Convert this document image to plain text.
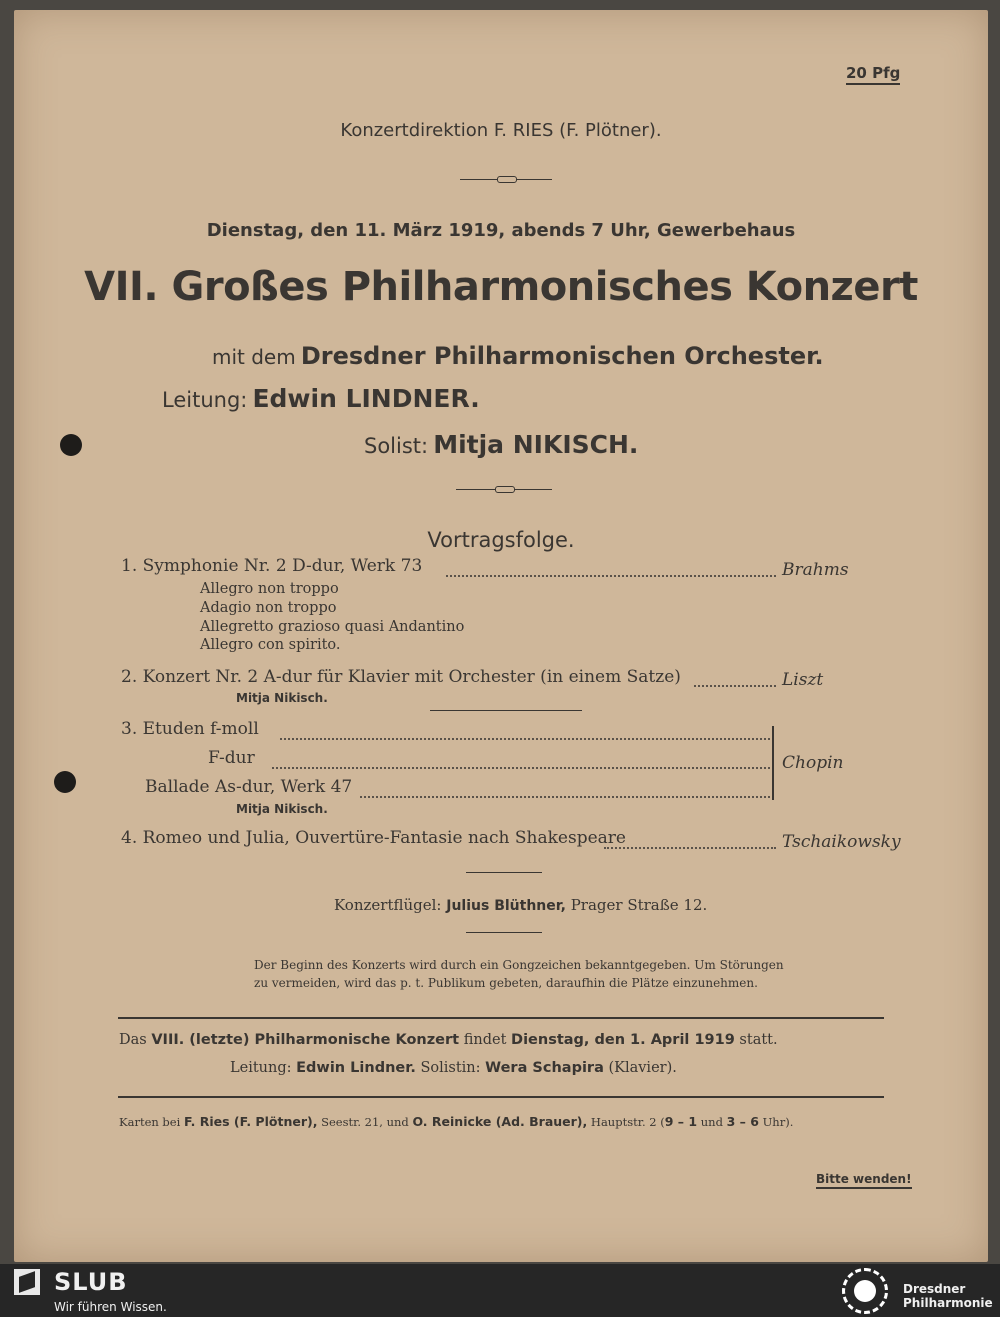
20 Pfg
Konzertdirektion F. RIES (F. Plötner).
Dienstag, den 11. März 1919, abends 7 Uhr, Gewerbehaus
VII. Großes Philharmonisches Konzert
mit dem Dresdner Philharmonischen Orchester.
Leitung: Edwin LINDNER.
Solist: Mitja NIKISCH.
Vortragsfolge.
1. Symphonie Nr. 2 D-dur, Werk 73	Brahms
Allegro non troppo
Adagio non troppo
Allegretto grazioso quasi Andantino
Allegro con spirito.
2. Konzert Nr. 2 A-dur für Klavier mit Orchester (in einem Satze)	Liszt
Mitja Nikisch.
3. Etuden f-moll
F-dur
Ballade As-dur, Werk 47
Chopin
Mitja Nikisch.
4. Romeo und Julia, Ouvertüre-Fantasie nach Shakespeare	Tschaikowsky
Konzertflügel: Julius Blüthner, Prager Straße 12.
Der Beginn des Konzerts wird durch ein Gongzeichen bekanntgegeben. Um Störungen
zu vermeiden, wird das p. t. Publikum gebeten, daraufhin die Plätze einzunehmen.
Das VIII. (letzte) Philharmonische Konzert findet Dienstag, den 1. April 1919 statt.
Leitung: Edwin Lindner. Solistin: Wera Schapira (Klavier).
Karten bei F. Ries (F. Plötner), Seestr. 21, und O. Reinicke (Ad. Brauer), Hauptstr. 2 (9 – 1 und 3 – 6 Uhr).
Bitte wenden!
SLUB
Wir führen Wissen.
Dresdner
Philharmonie
